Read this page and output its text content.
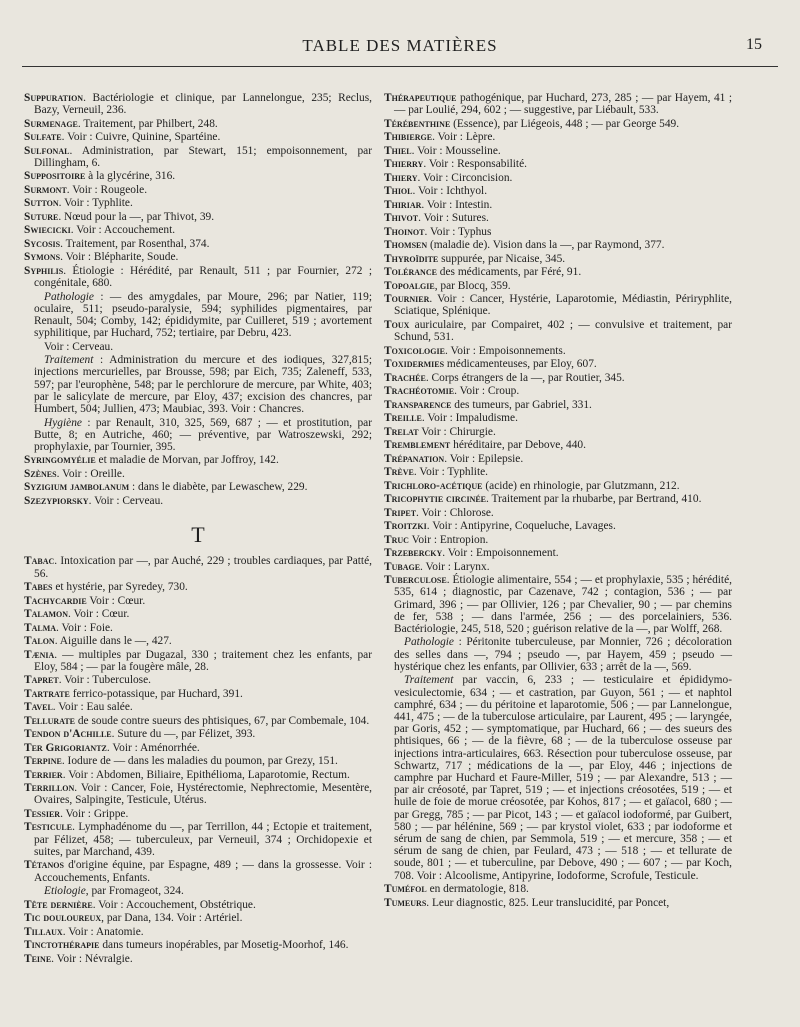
TABLE DES MATIÈRES	15
Suppuration. Bactériologie et clinique, par Lannelongue, 235; Reclus, Bazy, Verneuil, 236.
Surmenage. Traitement, par Philbert, 248.
Sulfate. Voir : Cuivre, Quinine, Spartéine.
Sulfonal. Administration, par Stewart, 151; empoisonnement, par Dillingham, 6.
Suppositoire à la glycérine, 316.
Surmont. Voir : Rougeole.
Sutton. Voir : Typhlite.
Suture. Nœud pour la —, par Thivot, 39.
Swiecicki. Voir : Accouchement.
Sycosis. Traitement, par Rosenthal, 374.
Symons. Voir : Blépharite, Soude.
Syphilis. Étiologie : Hérédité, par Renault, 511 ; par Fournier, 272 ; congénitale, 680.
Pathologie : — des amygdales, par Moure, 296; par Natier, 119; oculaire, 511; pseudo-paralysie, 594; syphilides pigmentaires, par Renault, 504; Comby, 142; épididymite, par Cuilleret, 519 ; avortement syphilitique, par Huchard, 752; tertiaire, par Debru, 423.
Voir : Cerveau.
Traitement : Administration du mercure et des iodiques, 327,815; injections mercurielles, par Brousse, 598; par Eich, 735; Zaleneff, 533, 597; par l'europhène, 548; par le perchlorure de mercure, par White, 403; par le salicylate de mercure, par Eloy, 437; excision des chancres, par Humbert, 504; Jullien, 473; Maubiac, 393. Voir : Chancres.
Hygiène : par Renault, 310, 325, 569, 687 ; — et prostitution, par Butte, 8; en Autriche, 460; — préventive, par Watroszewski, 292; prophylaxie, par Tournier, 395.
Syringomyélie et maladie de Morvan, par Joffroy, 142.
Szènes. Voir : Oreille.
Syzigium jambolanum : dans le diabète, par Lewaschew, 229.
Szezypiorsky. Voir : Cerveau.
T
Tabac. Intoxication par —, par Auché, 229 ; troubles cardiaques, par Patté, 56.
Tabes et hystérie, par Syredey, 730.
Tachycardie Voir : Cœur.
Talamon. Voir : Cœur.
Talma. Voir : Foie.
Talon. Aiguille dans le —, 427.
Tænia. — multiples par Dugazal, 330 ; traitement chez les enfants, par Eloy, 584 ; — par la fougère mâle, 28.
Tapret. Voir : Tuberculose.
Tartrate ferrico-potassique, par Huchard, 391.
Tavel. Voir : Eau salée.
Tellurate de soude contre sueurs des phtisiques, 67, par Combemale, 104.
Tendon d'Achille. Suture du —, par Félizet, 393.
Ter Grigoriantz. Voir : Aménorrhée.
Terpine. Iodure de — dans les maladies du poumon, par Grezy, 151.
Terrier. Voir : Abdomen, Biliaire, Epithélioma, Laparotomie, Rectum.
Terrillon. Voir : Cancer, Foie, Hystérectomie, Nephrectomie, Mesentère, Ovaires, Salpingite, Testicule, Utérus.
Tessier. Voir : Grippe.
Testicule. Lymphadénome du —, par Terrillon, 44 ; Ectopie et traitement, par Félizet, 458; — tuberculeux, par Verneuil, 374 ; Orchidopexie et suites, par Marchand, 439.
Tétanos d'origine équine, par Espagne, 489 ; — dans la grossesse. Voir : Accouchements, Enfants.
Etiologie, par Fromageot, 324.
Tête dernière. Voir : Accouchement, Obstétrique.
Tic douloureux, par Dana, 134. Voir : Artériel.
Tillaux. Voir : Anatomie.
Tinctothérapie dans tumeurs inopérables, par Mosetig-Moorhof, 146.
Teine. Voir : Névralgie.
Thérapeutique pathogénique, par Huchard, 273, 285 ; — par Hayem, 41 ; — par Loulié, 294, 602 ; — suggestive, par Liébault, 533.
Térébenthine (Essence), par Liégeois, 448 ; — par George 549.
Thibierge. Voir : Lèpre.
Thiel. Voir : Mousseline.
Thierry. Voir : Responsabilité.
Thiery. Voir : Circoncision.
Thiol. Voir : Ichthyol.
Thiriar. Voir : Intestin.
Thivot. Voir : Sutures.
Thoinot. Voir : Typhus
Thomsen (maladie de). Vision dans la —, par Raymond, 377.
Thyroïdite suppurée, par Nicaise, 345.
Tolérance des médicaments, par Féré, 91.
Topoalgie, par Blocq, 359.
Tournier. Voir : Cancer, Hystérie, Laparotomie, Médiastin, Périryphlite, Sciatique, Splénique.
Toux auriculaire, par Compairet, 402 ; — convulsive et traitement, par Schund, 531.
Toxicologie. Voir : Empoisonnements.
Toxidermies médicamenteuses, par Eloy, 607.
Trachée. Corps étrangers de la —, par Routier, 345.
Trachéotomie. Voir : Croup.
Transparence des tumeurs, par Gabriel, 331.
Treille. Voir : Impaludisme.
Trelat Voir : Chirurgie.
Tremblement héréditaire, par Debove, 440.
Trépanation. Voir : Epilepsie.
Trève. Voir : Typhlite.
Trichloro-acétique (acide) en rhinologie, par Glutzmann, 212.
Tricophytie circinée. Traitement par la rhubarbe, par Bertrand, 410.
Tripet. Voir : Chlorose.
Troitzki. Voir : Antipyrine, Coqueluche, Lavages.
Truc Voir : Entropion.
Trzebercky. Voir : Empoisonnement.
Tubage. Voir : Larynx.
Tuberculose. Étiologie alimentaire, 554 ; — et prophylaxie, 535 ; hérédité, 535, 614 ; diagnostic, par Cazenave, 742 ; contagion, 536 ; — par Grimard, 396 ; — par Ollivier, 126 ; par Chevalier, 90 ; — par chemins de fer, 538 ; — dans l'armée, 256 ; — des porcelainiers, 536. Bactériologie, 245, 518, 520 ; guérison relative de la —, par Wolff, 268.
Pathologie : Péritonite tuberculeuse, par Monnier, 726 ; décoloration des selles dans —, 794 ; pseudo —, par Hayem, 459 ; pseudo — hystérique chez les enfants, par Ollivier, 633 ; arrêt de la —, 569.
Traitement par vaccin, 6, 233 ; — testiculaire et épididymo-vesiculectomie, 634 ; — et castration, par Guyon, 561 ; — et naphtol camphré, 634 ; — du péritoine et laparotomie, 506 ; — par Lannelongue, 441, 475 ; — de la tuberculose articulaire, par Laurent, 495 ; — laryngée, par Goris, 452 ; — symptomatique, par Huchard, 66 ; — des sueurs des phtisiques, 66 ; — de la fièvre, 68 ; — de la tuberculose osseuse par injections intra-articulaires, 663. Résection pour tuberculose osseuse, par Schwartz, 717 ; médications de la —, par Eloy, 446 ; injections de camphre par Huchard et Faure-Miller, 519 ; — par Alexandre, 513 ; — par air créosoté, par Tapret, 519 ; — et injections créosotées, 519 ; — et huile de foie de morue créosotée, par Kohos, 817 ; — et gaïacol, 680 ; — par Gregg, 785 ; — par Picot, 143 ; — et gaïacol iodoformé, par Guibert, 580 ; — par hélénine, 569 ; — par krystol violet, 633 ; par iodoforme et sérum de sang de chien, par Semmola, 519 ; — et mercure, 358 ; — et sérum de sang de chien, par Feulard, 473 ; — 518 ; — et tellurate de soude, 801 ; — et tuberculine, par Debove, 490 ; — 607 ; — par Koch, 708. Voir : Alcoolisme, Antipyrine, Iodoforme, Scrofule, Testicule.
Tuméfol en dermatologie, 818.
Tumeurs. Leur diagnostic, 825. Leur translucidité, par Poncet,
